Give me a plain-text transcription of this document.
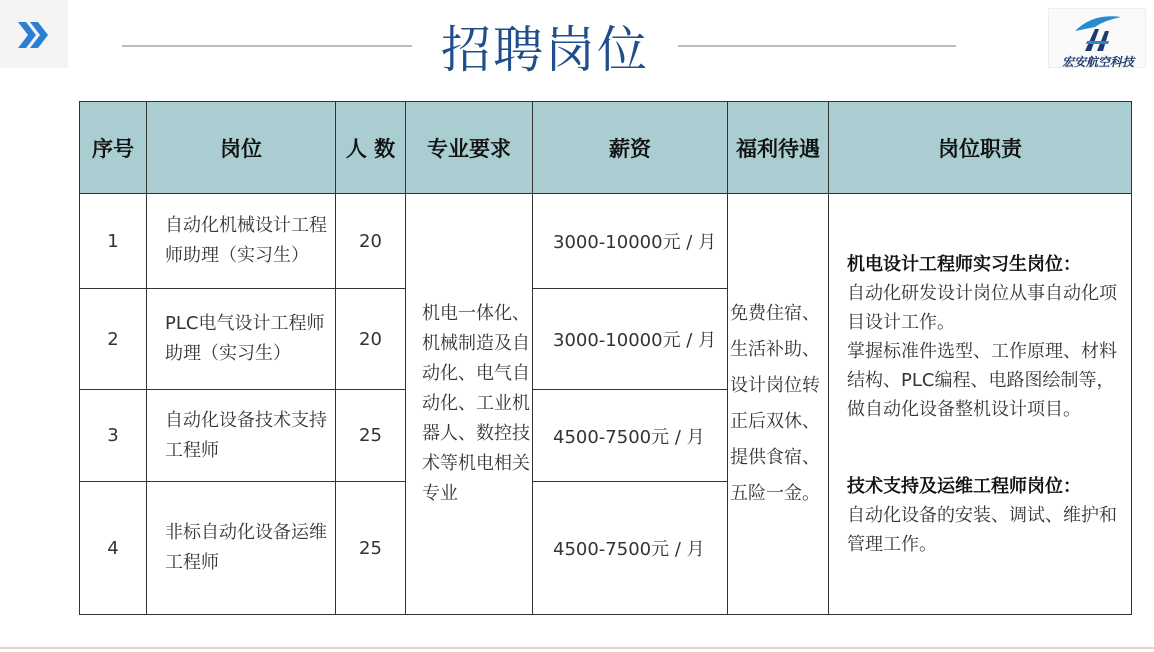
招聘岗位	宏安航空科技
序号	岗位	人 数	专业要求	薪资	福利待遇	岗位职责
1	自动化机械设计工程师助理（实习生）	20	机电一体化、机械制造及自动化、电气自动化、工业机器人、数控技术等机电相关专业	3000-10000元 / 月	免费住宿、生活补助、设计岗位转正后双休、提供食宿、五险一金。	机电设计工程师实习生岗位：
自动化研发设计岗位从事自动化项目设计工作。
掌握标准件选型、工作原理、材料结构、PLC编程、电路图绘制等，做自动化设备整机设计项目。
技术支持及运维工程师岗位：
自动化设备的安装、调试、维护和管理工作。

2	PLC电气设计工程师助理（实习生）	20		3000-10000元 / 月		
3	自动化设备技术支持工程师	25		4500-7500元 / 月		
4	非标自动化设备运维工程师	25		4500-7500元 / 月		
